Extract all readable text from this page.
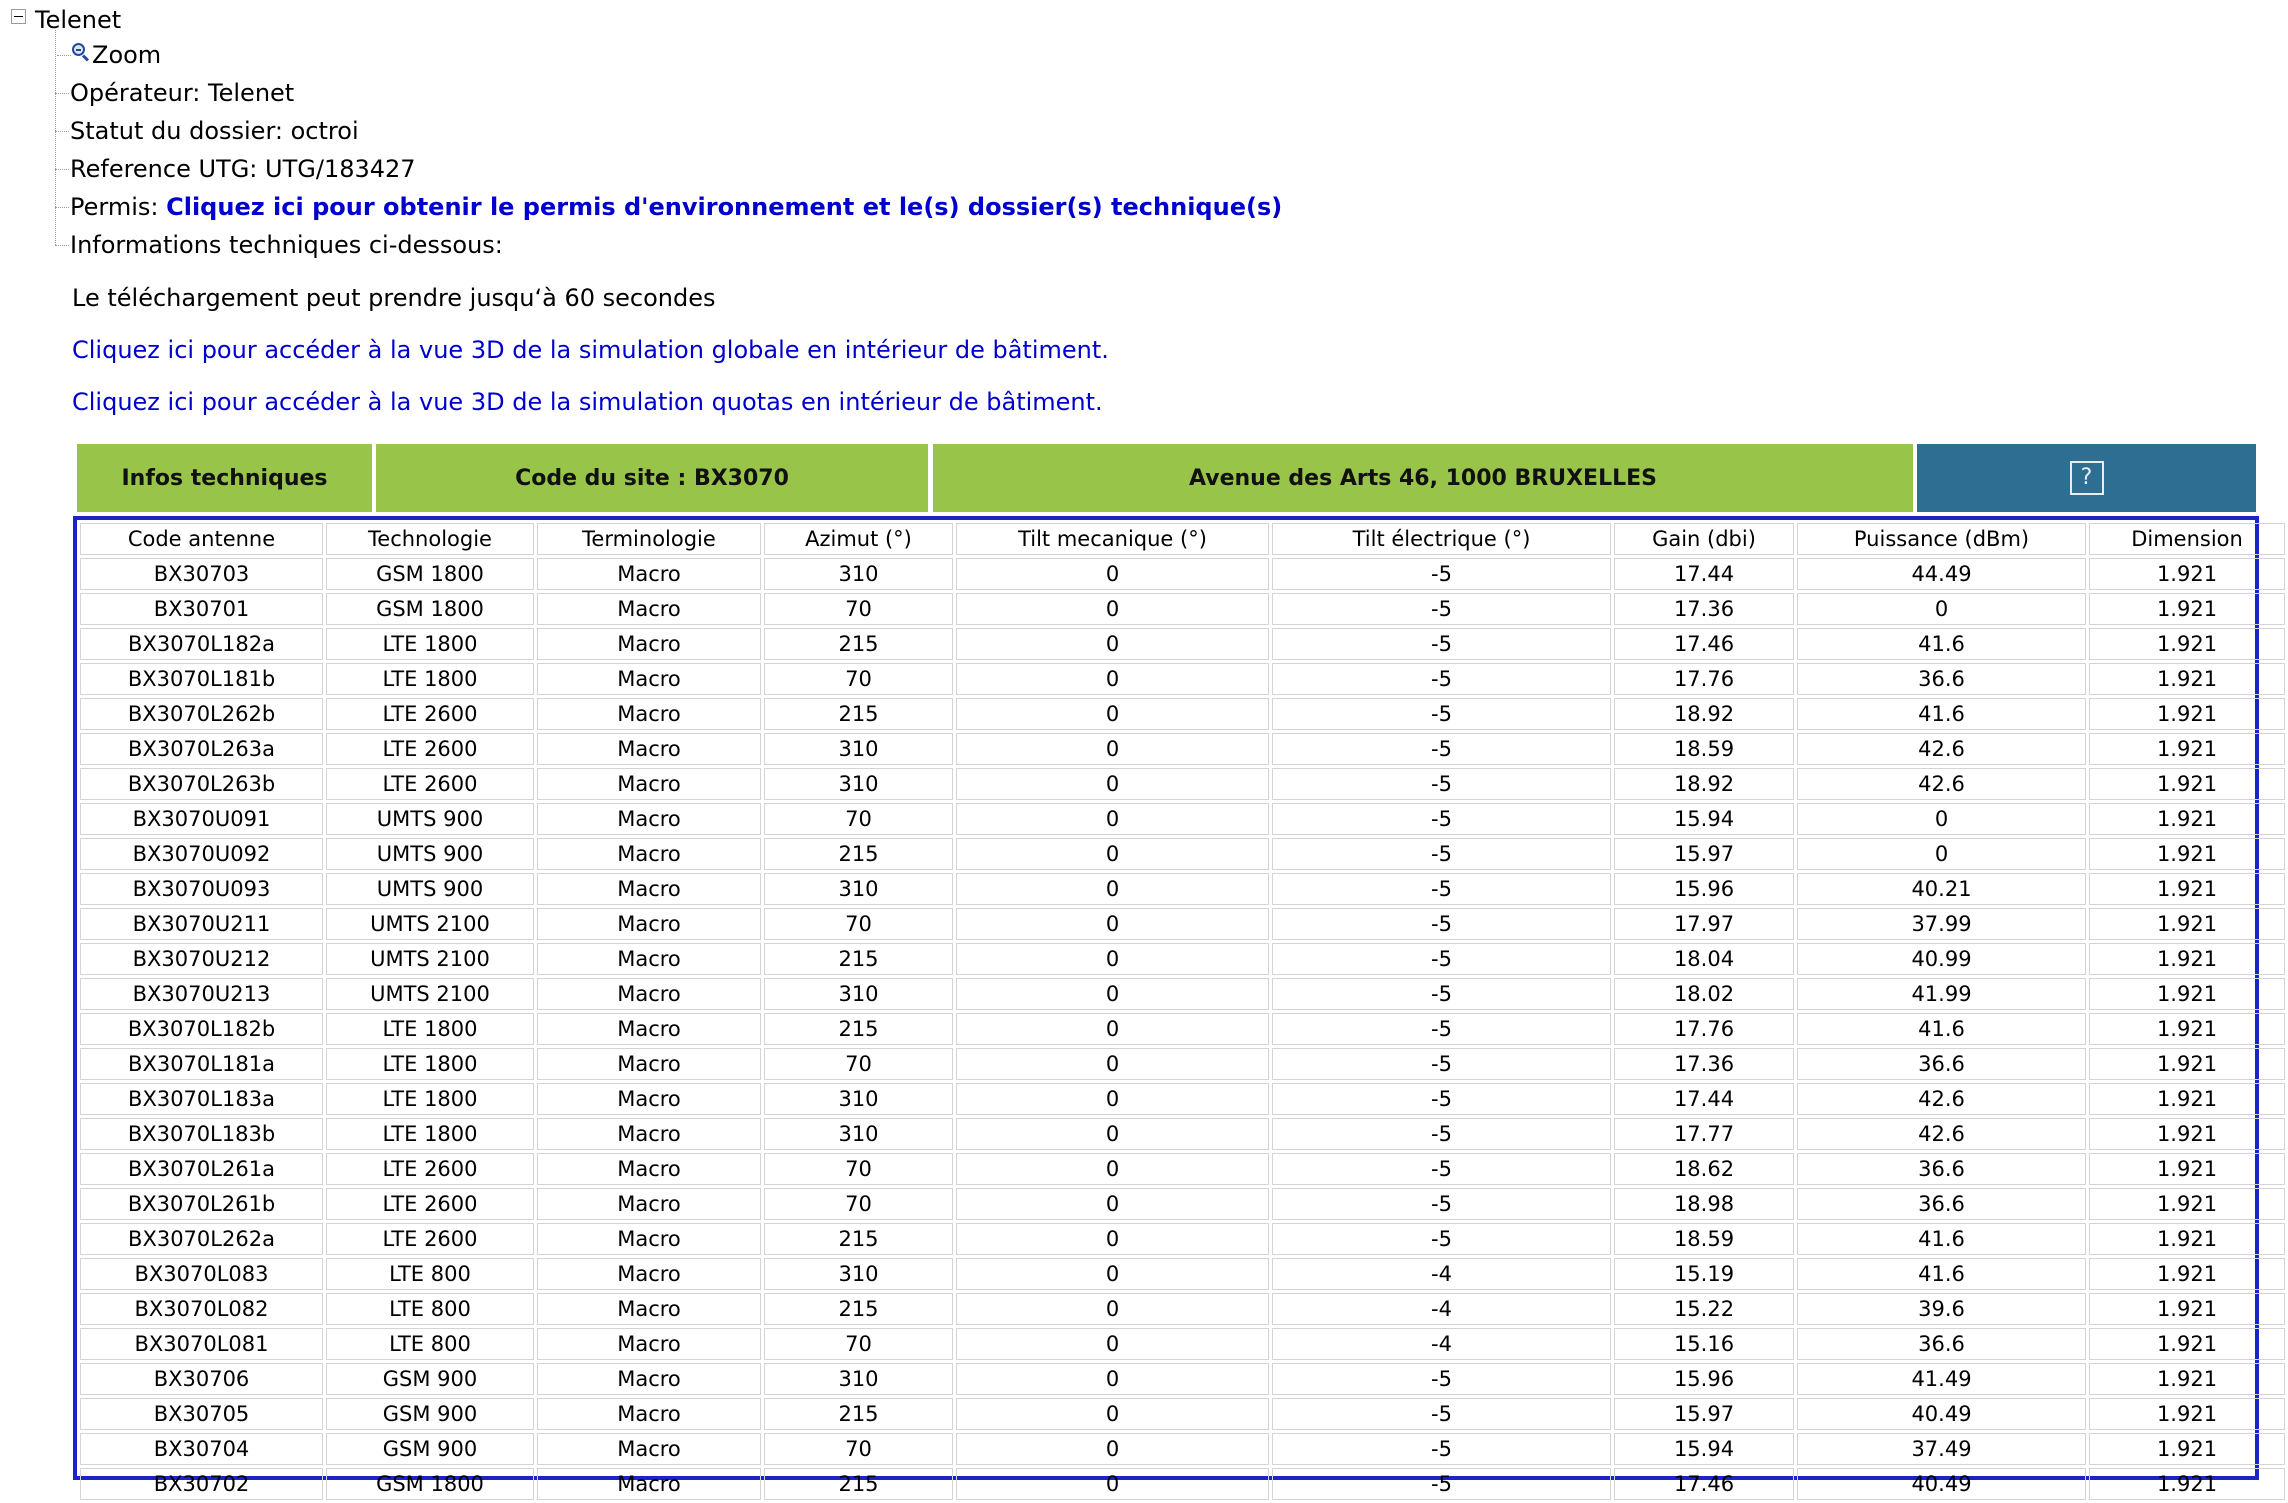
Telenet
Zoom
Opérateur: Telenet
Statut du dossier: octroi
Reference UTG: UTG/183427
Permis: Cliquez ici pour obtenir le permis d'environnement et le(s) dossier(s) technique(s)
Informations techniques ci-dessous:
Le téléchargement peut prendre jusqu‘à 60 secondes
Cliquez ici pour accéder à la vue 3D de la simulation globale en intérieur de bâtiment.
Cliquez ici pour accéder à la vue 3D de la simulation quotas en intérieur de bâtiment.
Infos techniques	Code du site : BX3070	Avenue des Arts 46, 1000 BRUXELLES	?
Code antenne	Technologie	Terminologie	Azimut (°)	Tilt mecanique (°)	Tilt électrique (°)	Gain (dbi)	Puissance (dBm)	Dimension
BX30703	GSM 1800	Macro	310	0	-5	17.44	44.49	1.921
BX30701	GSM 1800	Macro	70	0	-5	17.36	0	1.921
BX3070L182a	LTE 1800	Macro	215	0	-5	17.46	41.6	1.921
BX3070L181b	LTE 1800	Macro	70	0	-5	17.76	36.6	1.921
BX3070L262b	LTE 2600	Macro	215	0	-5	18.92	41.6	1.921
BX3070L263a	LTE 2600	Macro	310	0	-5	18.59	42.6	1.921
BX3070L263b	LTE 2600	Macro	310	0	-5	18.92	42.6	1.921
BX3070U091	UMTS 900	Macro	70	0	-5	15.94	0	1.921
BX3070U092	UMTS 900	Macro	215	0	-5	15.97	0	1.921
BX3070U093	UMTS 900	Macro	310	0	-5	15.96	40.21	1.921
BX3070U211	UMTS 2100	Macro	70	0	-5	17.97	37.99	1.921
BX3070U212	UMTS 2100	Macro	215	0	-5	18.04	40.99	1.921
BX3070U213	UMTS 2100	Macro	310	0	-5	18.02	41.99	1.921
BX3070L182b	LTE 1800	Macro	215	0	-5	17.76	41.6	1.921
BX3070L181a	LTE 1800	Macro	70	0	-5	17.36	36.6	1.921
BX3070L183a	LTE 1800	Macro	310	0	-5	17.44	42.6	1.921
BX3070L183b	LTE 1800	Macro	310	0	-5	17.77	42.6	1.921
BX3070L261a	LTE 2600	Macro	70	0	-5	18.62	36.6	1.921
BX3070L261b	LTE 2600	Macro	70	0	-5	18.98	36.6	1.921
BX3070L262a	LTE 2600	Macro	215	0	-5	18.59	41.6	1.921
BX3070L083	LTE 800	Macro	310	0	-4	15.19	41.6	1.921
BX3070L082	LTE 800	Macro	215	0	-4	15.22	39.6	1.921
BX3070L081	LTE 800	Macro	70	0	-4	15.16	36.6	1.921
BX30706	GSM 900	Macro	310	0	-5	15.96	41.49	1.921
BX30705	GSM 900	Macro	215	0	-5	15.97	40.49	1.921
BX30704	GSM 900	Macro	70	0	-5	15.94	37.49	1.921
BX30702	GSM 1800	Macro	215	0	-5	17.46	40.49	1.921
